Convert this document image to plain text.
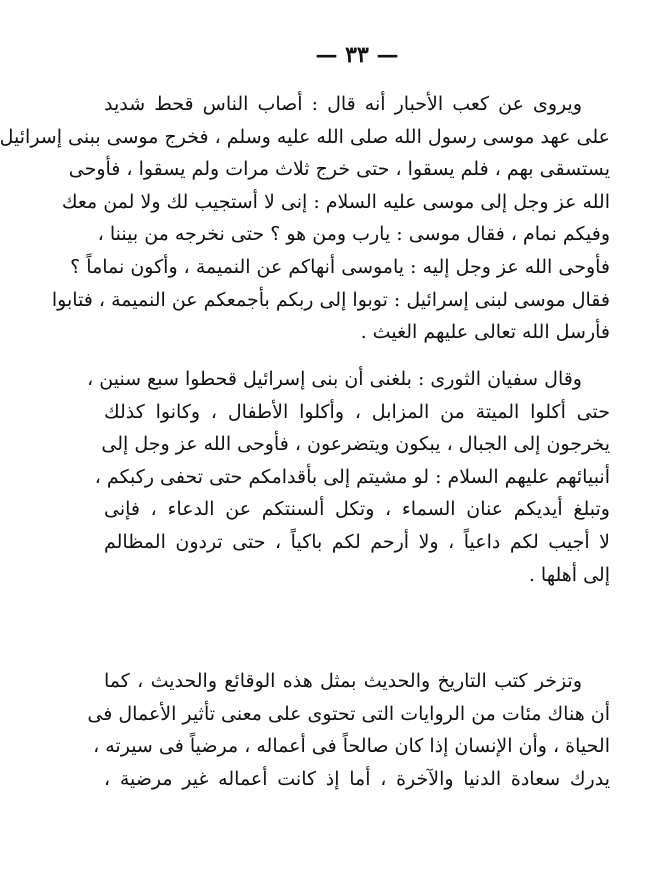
— ٣٣ —
ويروى عن كعب الأحبار أنه قال : أصاب الناس قحط شديد
على عهد موسى رسول الله صلى الله عليه وسلم ، فخرج موسى ببنى إسرائيل
يستسقى بهم ، فلم يسقوا ، حتى خرج ثلاث مرات ولم يسقوا ، فأوحى
الله عز وجل إلى موسى عليه السلام : إنى لا أستجيب لك ولا لمن معك
وفيكم نمام ، فقال موسى : يارب ومن هو ؟ حتى نخرجه من بيننا ،
فأوحى الله عز وجل إليه : ياموسى أنهاكم عن النميمة ، وأكون نماماً ؟
فقال موسى لبنى إسرائيل : توبوا إلى ربكم بأجمعكم عن النميمة ، فتابوا
فأرسل الله تعالى عليهم الغيث .
وقال سفيان الثورى : بلغنى أن بنى إسرائيل قحطوا سبع سنين ،
حتى أكلوا الميتة من المزابل ، وأكلوا الأطفال ، وكانوا كذلك
يخرجون إلى الجبال ، يبكون ويتضرعون ، فأوحى الله عز وجل إلى
أنبيائهم عليهم السلام : لو مشيتم إلى بأقدامكم حتى تحفى ركبكم ،
وتبلغ أيديكم عنان السماء ، وتكل ألسنتكم عن الدعاء ، فإنى
لا أجيب لكم داعياً ، ولا أرحم لكم باكياً ، حتى تردون المظالم
إلى أهلها .
وتزخر كتب التاريخ والحديث بمثل هذه الوقائع والحديث ، كما
أن هناك مئات من الروايات التى تحتوى على معنى تأثير الأعمال فى
الحياة ، وأن الإنسان إذا كان صالحاً فى أعماله ، مرضياً فى سيرته ،
يدرك سعادة الدنيا والآخرة ، أما إذ كانت أعماله غير مرضية ،
